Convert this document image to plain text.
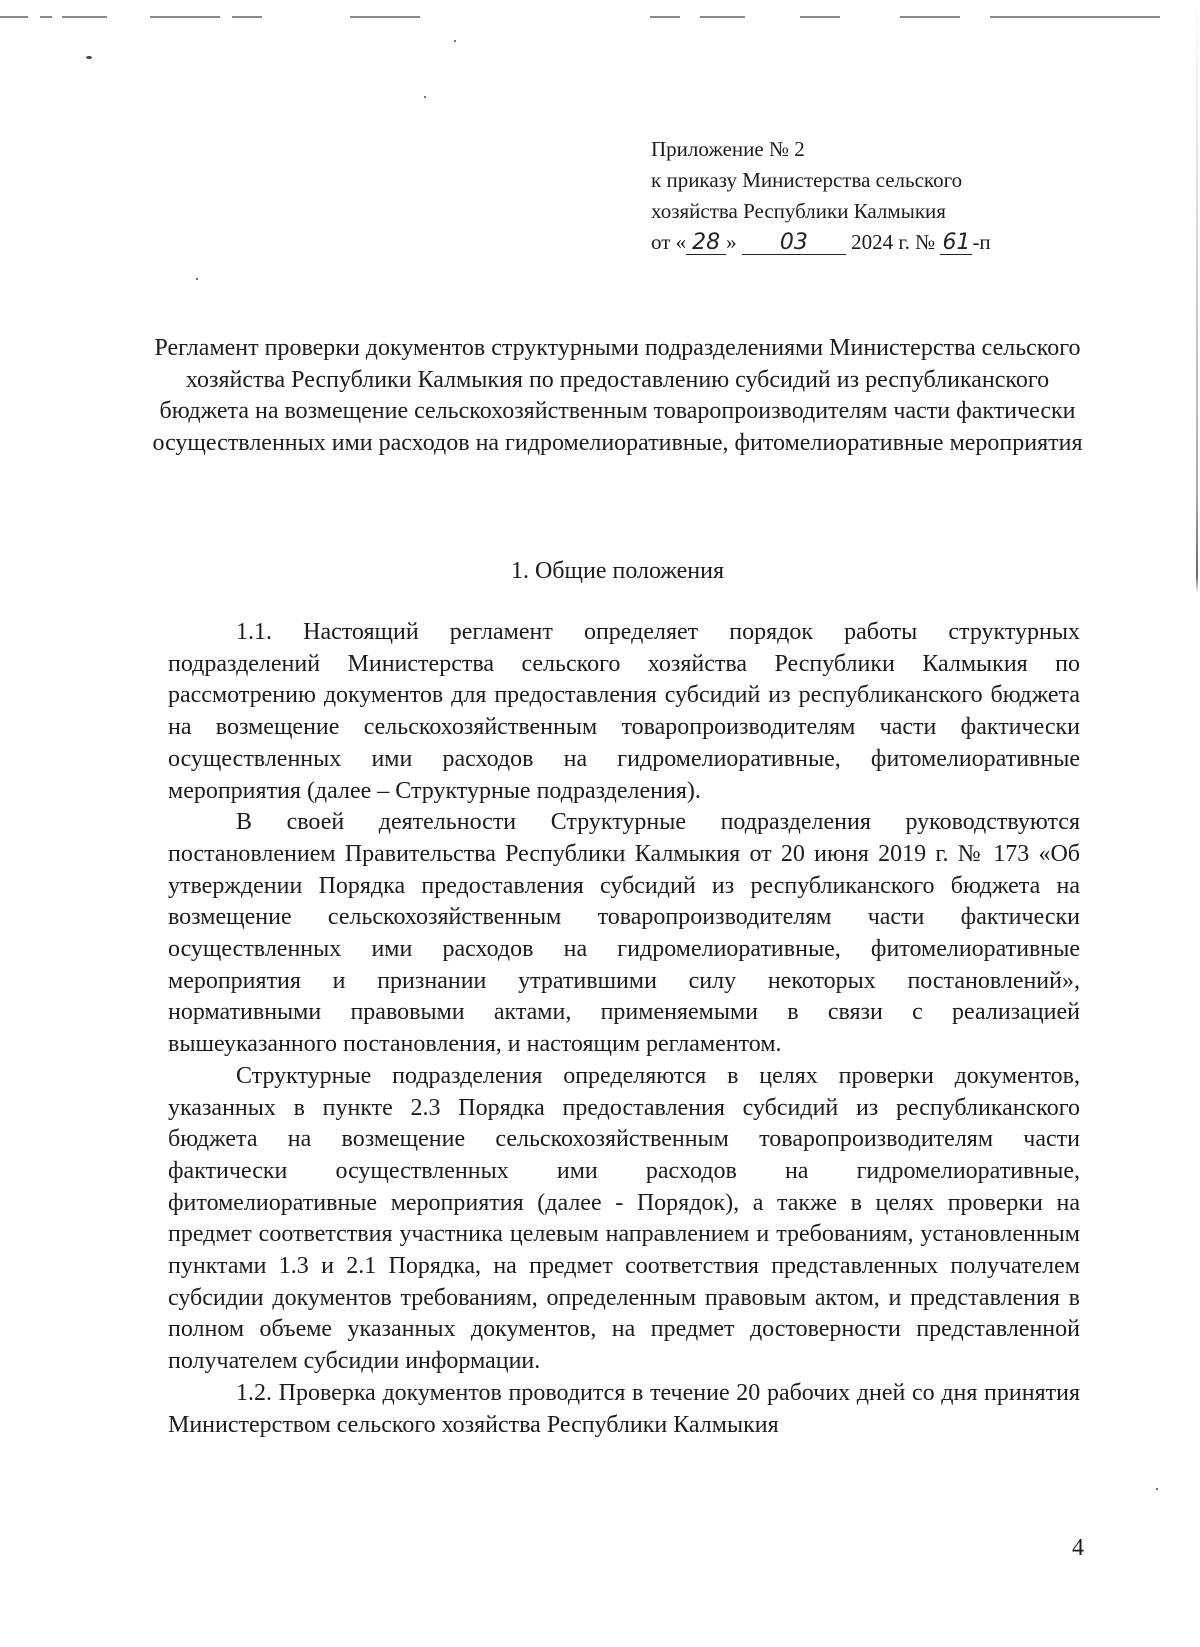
Приложение № 2
к приказу Министерства сельского
хозяйства Республики Калмыкия
от « 28 » 03 2024 г. № 61-п
Регламент проверки документов структурными подразделениями Министерства сельского хозяйства Республики Калмыкия по предоставлению субсидий из республиканского бюджета на возмещение сельскохозяйственным товаропроизводителям части фактически осуществленных ими расходов на гидромелиоративные, фитомелиоративные мероприятия
1. Общие положения

1.1. Настоящий регламент определяет порядок работы структурных подразделений Министерства сельского хозяйства Республики Калмыкия по рассмотрению документов для предоставления субсидий из республиканского бюджета на возмещение сельскохозяйственным товаропроизводителям части фактически осуществленных ими расходов на гидромелиоративные, фитомелиоративные мероприятия (далее – Структурные подразделения).

В своей деятельности Структурные подразделения руководствуются постановлением Правительства Республики Калмыкия от 20 июня 2019 г. № 173 «Об утверждении Порядка предоставления субсидий из республиканского бюджета на возмещение сельскохозяйственным товаропроизводителям части фактически осуществленных ими расходов на гидромелиоративные, фитомелиоративные мероприятия и признании утратившими силу некоторых постановлений», нормативными правовыми актами, применяемыми в связи с реализацией вышеуказанного постановления, и настоящим регламентом.

Структурные подразделения определяются в целях проверки документов, указанных в пункте 2.3 Порядка предоставления субсидий из республиканского бюджета на возмещение сельскохозяйственным товаропроизводителям части фактически осуществленных ими расходов на гидромелиоративные, фитомелиоративные мероприятия (далее - Порядок), а также в целях проверки на предмет соответствия участника целевым направлением и требованиям, установленным пунктами 1.3 и 2.1 Порядка, на предмет соответствия представленных получателем субсидии документов требованиям, определенным правовым актом, и представления в полном объеме указанных документов, на предмет достоверности представленной получателем субсидии информации.

1.2. Проверка документов проводится в течение 20 рабочих дней со дня принятия Министерством сельского хозяйства Республики Калмыкия

4
